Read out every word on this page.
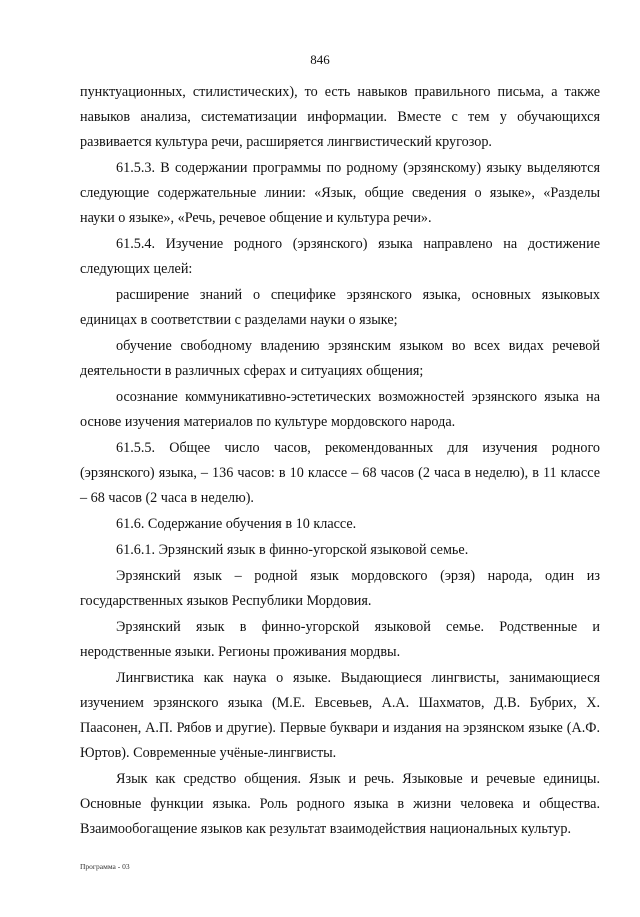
846

пунктуационных, стилистических), то есть навыков правильного письма, а также навыков анализа, систематизации информации. Вместе с тем у обучающихся развивается культура речи, расширяется лингвистический кругозор.

61.5.3. В содержании программы по родному (эрзянскому) языку выделяются следующие содержательные линии: «Язык, общие сведения о языке», «Разделы науки о языке», «Речь, речевое общение и культура речи».

61.5.4. Изучение родного (эрзянского) языка направлено на достижение следующих целей:

расширение знаний о специфике эрзянского языка, основных языковых единицах в соответствии с разделами науки о языке;

обучение свободному владению эрзянским языком во всех видах речевой деятельности в различных сферах и ситуациях общения;

осознание коммуникативно-эстетических возможностей эрзянского языка на основе изучения материалов по культуре мордовского народа.

61.5.5. Общее число часов, рекомендованных для изучения родного (эрзянского) языка, – 136 часов: в 10 классе – 68 часов (2 часа в неделю), в 11 классе – 68 часов (2 часа в неделю).

61.6. Содержание обучения в 10 классе.

61.6.1. Эрзянский язык в финно-угорской языковой семье.

Эрзянский язык – родной язык мордовского (эрзя) народа, один из государственных языков Республики Мордовия.

Эрзянский язык в финно-угорской языковой семье. Родственные и неродственные языки. Регионы проживания мордвы.

Лингвистика как наука о языке. Выдающиеся лингвисты, занимающиеся изучением эрзянского языка (М.Е. Евсевьев, А.А. Шахматов, Д.В. Бубрих, Х. Паасонен, А.П. Рябов и другие). Первые буквари и издания на эрзянском языке (А.Ф. Юртов). Современные учёные-лингвисты.

Язык как средство общения. Язык и речь. Языковые и речевые единицы. Основные функции языка. Роль родного языка в жизни человека и общества. Взаимообогащение языков как результат взаимодействия национальных культур.

Программа - 03
